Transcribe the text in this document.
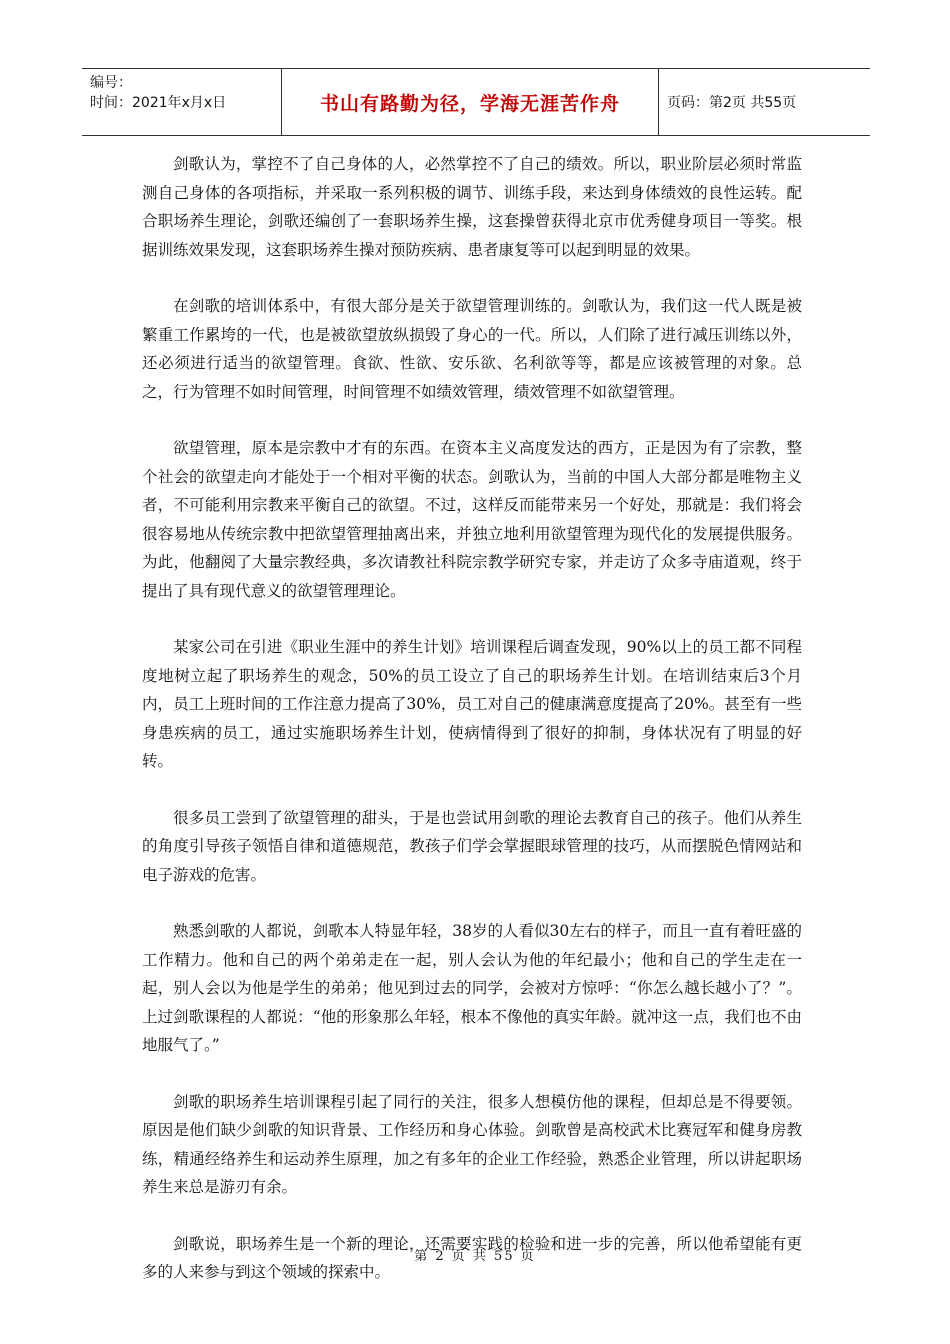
编号：
时间：2021年x月x日	书山有路勤为径，学海无涯苦作舟	页码：第2页 共55页

剑歌认为，掌控不了自己身体的人，必然掌控不了自己的绩效。所以，职业阶层必须时常监测自己身体的各项指标，并采取一系列积极的调节、训练手段，来达到身体绩效的良性运转。配合职场养生理论，剑歌还编创了一套职场养生操，这套操曾获得北京市优秀健身项目一等奖。根据训练效果发现，这套职场养生操对预防疾病、患者康复等可以起到明显的效果。

在剑歌的培训体系中，有很大部分是关于欲望管理训练的。剑歌认为，我们这一代人既是被繁重工作累垮的一代，也是被欲望放纵损毁了身心的一代。所以，人们除了进行减压训练以外，还必须进行适当的欲望管理。食欲、性欲、安乐欲、名利欲等等，都是应该被管理的对象。总之，行为管理不如时间管理，时间管理不如绩效管理，绩效管理不如欲望管理。

欲望管理，原本是宗教中才有的东西。在资本主义高度发达的西方，正是因为有了宗教，整个社会的欲望走向才能处于一个相对平衡的状态。剑歌认为，当前的中国人大部分都是唯物主义者，不可能利用宗教来平衡自己的欲望。不过，这样反而能带来另一个好处，那就是：我们将会很容易地从传统宗教中把欲望管理抽离出来，并独立地利用欲望管理为现代化的发展提供服务。为此，他翻阅了大量宗教经典，多次请教社科院宗教学研究专家，并走访了众多寺庙道观，终于提出了具有现代意义的欲望管理理论。

某家公司在引进《职业生涯中的养生计划》培训课程后调查发现，90%以上的员工都不同程度地树立起了职场养生的观念，50%的员工设立了自己的职场养生计划。在培训结束后3个月内，员工上班时间的工作注意力提高了30%，员工对自己的健康满意度提高了20%。甚至有一些身患疾病的员工，通过实施职场养生计划，使病情得到了很好的抑制，身体状况有了明显的好转。

很多员工尝到了欲望管理的甜头，于是也尝试用剑歌的理论去教育自己的孩子。他们从养生的角度引导孩子领悟自律和道德规范，教孩子们学会掌握眼球管理的技巧，从而摆脱色情网站和电子游戏的危害。

熟悉剑歌的人都说，剑歌本人特显年轻，38岁的人看似30左右的样子，而且一直有着旺盛的工作精力。他和自己的两个弟弟走在一起，别人会认为他的年纪最小；他和自己的学生走在一起，别人会以为他是学生的弟弟；他见到过去的同学，会被对方惊呼：“你怎么越长越小了？”。上过剑歌课程的人都说：“他的形象那么年轻，根本不像他的真实年龄。就冲这一点，我们也不由地服气了。”

剑歌的职场养生培训课程引起了同行的关注，很多人想模仿他的课程，但却总是不得要领。原因是他们缺少剑歌的知识背景、工作经历和身心体验。剑歌曾是高校武术比赛冠军和健身房教练，精通经络养生和运动养生原理，加之有多年的企业工作经验，熟悉企业管理，所以讲起职场养生来总是游刃有余。

剑歌说，职场养生是一个新的理论，还需要实践的检验和进一步的完善，所以他希望能有更多的人来参与到这个领域的探索中。

第 2 页 共 55 页
